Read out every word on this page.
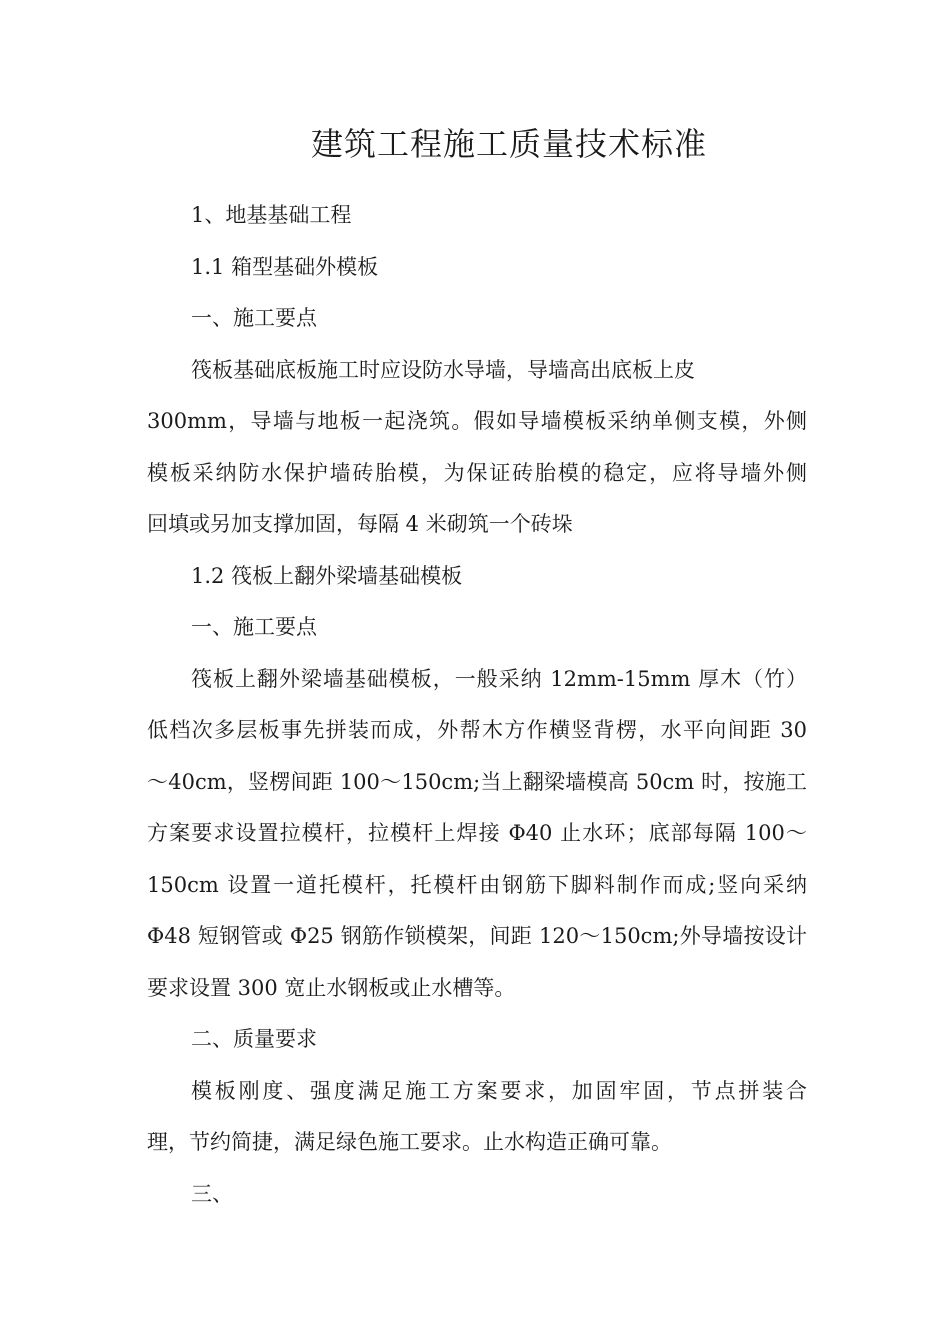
建筑工程施工质量技术标准

1、地基基础工程

1.1 箱型基础外模板

一、施工要点

筏板基础底板施工时应设防水导墙，导墙高出底板上皮

300mm，导墙与地板一起浇筑。假如导墙模板采纳单侧支模，外侧

模板采纳防水保护墙砖胎模，为保证砖胎模的稳定，应将导墙外侧

回填或另加支撑加固，每隔 4 米砌筑一个砖垛

1.2 筏板上翻外梁墙基础模板

一、施工要点

筏板上翻外梁墙基础模板，一般采纳 12mm-15mm 厚木（竹）

低档次多层板事先拼装而成，外帮木方作横竖背楞，水平向间距 30

～40cm，竖楞间距 100～150cm;当上翻梁墙模高 50cm 时，按施工

方案要求设置拉模杆，拉模杆上焊接 Φ40 止水环；底部每隔 100～

150cm 设置一道托模杆，托模杆由钢筋下脚料制作而成;竖向采纳

Φ48 短钢管或 Φ25 钢筋作锁模架，间距 120～150cm;外导墙按设计

要求设置 300 宽止水钢板或止水槽等。

二、质量要求

模板刚度、强度满足施工方案要求，加固牢固，节点拼装合

理，节约简捷，满足绿色施工要求。止水构造正确可靠。

三、
